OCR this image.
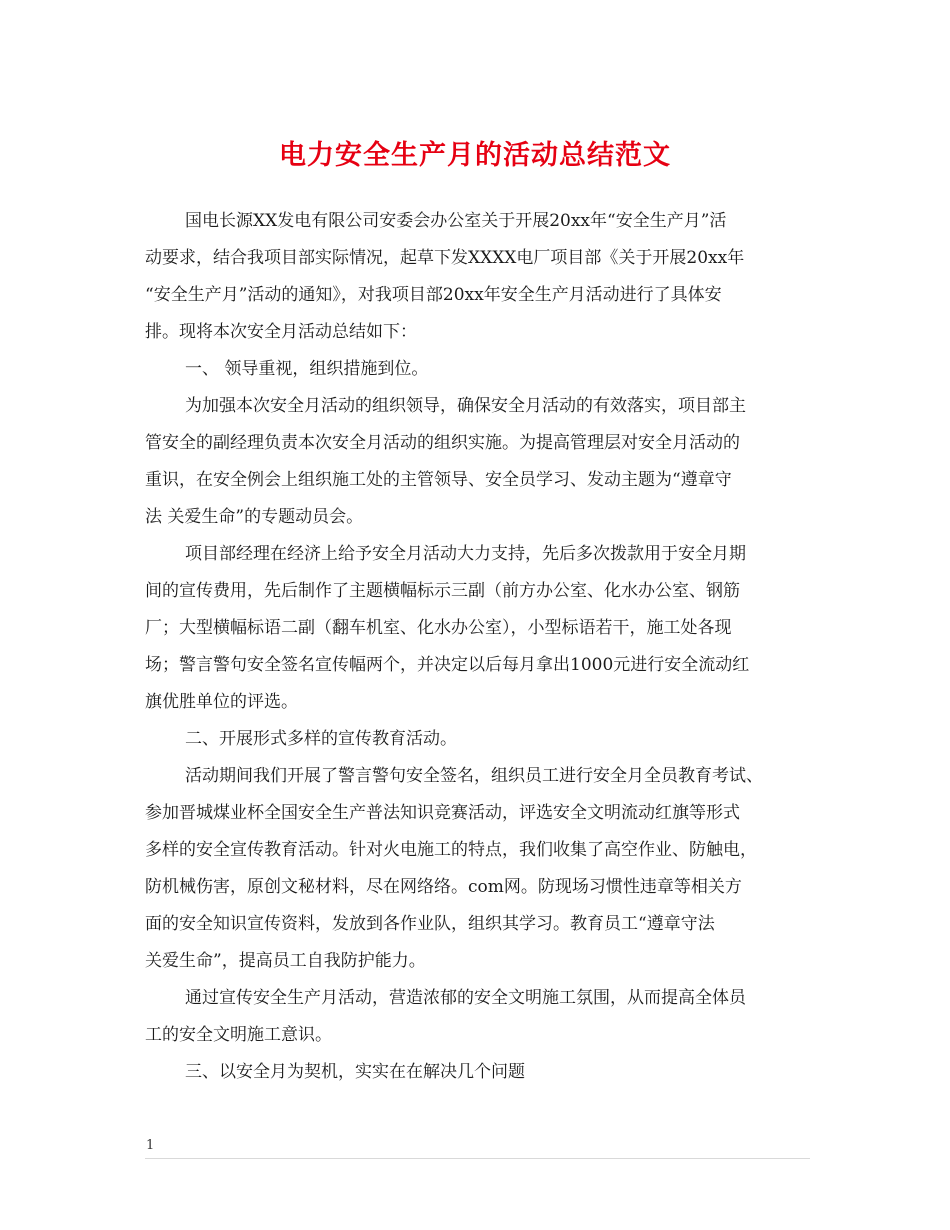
电力安全生产月的活动总结范文
国电长源XX发电有限公司安委会办公室关于开展20xx年“安全生产月”活
动要求，结合我项目部实际情况，起草下发XXXX电厂项目部《关于开展20xx年
“安全生产月”活动的通知》，对我项目部20xx年安全生产月活动进行了具体安
排。现将本次安全月活动总结如下：
一、 领导重视，组织措施到位。
为加强本次安全月活动的组织领导，确保安全月活动的有效落实，项目部主
管安全的副经理负责本次安全月活动的组织实施。为提高管理层对安全月活动的
重识，在安全例会上组织施工处的主管领导、安全员学习、发动主题为“遵章守
法 关爱生命”的专题动员会。
项目部经理在经济上给予安全月活动大力支持，先后多次拨款用于安全月期
间的宣传费用，先后制作了主题横幅标示三副（前方办公室、化水办公室、钢筋
厂；大型横幅标语二副（翻车机室、化水办公室），小型标语若干，施工处各现
场；警言警句安全签名宣传幅两个，并决定以后每月拿出1000元进行安全流动红
旗优胜单位的评选。
二、开展形式多样的宣传教育活动。
活动期间我们开展了警言警句安全签名，组织员工进行安全月全员教育考试、
参加晋城煤业杯全国安全生产普法知识竞赛活动，评选安全文明流动红旗等形式
多样的安全宣传教育活动。针对火电施工的特点，我们收集了高空作业、防触电，
防机械伤害，原创文秘材料，尽在网络络。com网。防现场习惯性违章等相关方
面的安全知识宣传资料，发放到各作业队，组织其学习。教育员工“遵章守法
关爱生命”，提高员工自我防护能力。
通过宣传安全生产月活动，营造浓郁的安全文明施工氛围，从而提高全体员
工的安全文明施工意识。
三、以安全月为契机，实实在在解决几个问题
1
